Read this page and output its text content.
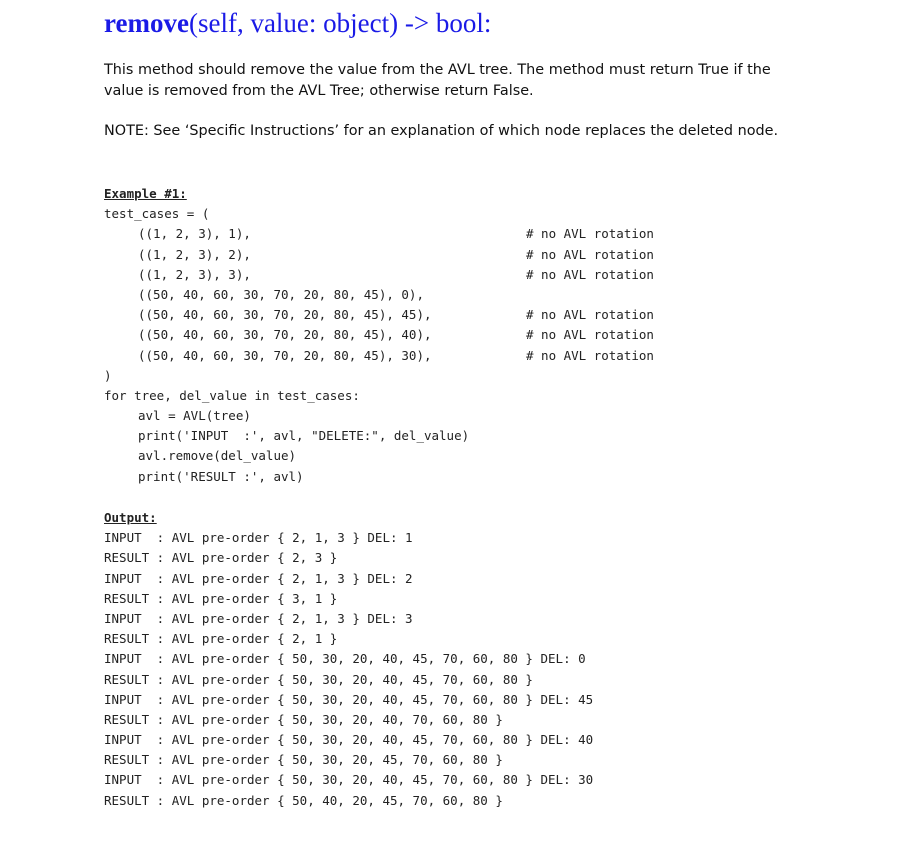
remove(self, value: object) -> bool:

This method should remove the value from the AVL tree. The method must return True if the value is removed from the AVL Tree; otherwise return False.

NOTE: See ‘Specific Instructions’ for an explanation of which node replaces the deleted node.

Example #1:
test_cases = (
((1, 2, 3), 1),	# no AVL rotation
((1, 2, 3), 2),	# no AVL rotation
((1, 2, 3), 3),	# no AVL rotation
((50, 40, 60, 30, 70, 20, 80, 45), 0),
((50, 40, 60, 30, 70, 20, 80, 45), 45),	# no AVL rotation
((50, 40, 60, 30, 70, 20, 80, 45), 40),	# no AVL rotation
((50, 40, 60, 30, 70, 20, 80, 45), 30),	# no AVL rotation
)
for tree, del_value in test_cases:
avl = AVL(tree)
print('INPUT  :', avl, "DELETE:", del_value)
avl.remove(del_value)
print('RESULT :', avl)
Output:
INPUT  : AVL pre-order { 2, 1, 3 } DEL: 1
RESULT : AVL pre-order { 2, 3 }
INPUT  : AVL pre-order { 2, 1, 3 } DEL: 2
RESULT : AVL pre-order { 3, 1 }
INPUT  : AVL pre-order { 2, 1, 3 } DEL: 3
RESULT : AVL pre-order { 2, 1 }
INPUT  : AVL pre-order { 50, 30, 20, 40, 45, 70, 60, 80 } DEL: 0
RESULT : AVL pre-order { 50, 30, 20, 40, 45, 70, 60, 80 }
INPUT  : AVL pre-order { 50, 30, 20, 40, 45, 70, 60, 80 } DEL: 45
RESULT : AVL pre-order { 50, 30, 20, 40, 70, 60, 80 }
INPUT  : AVL pre-order { 50, 30, 20, 40, 45, 70, 60, 80 } DEL: 40
RESULT : AVL pre-order { 50, 30, 20, 45, 70, 60, 80 }
INPUT  : AVL pre-order { 50, 30, 20, 40, 45, 70, 60, 80 } DEL: 30
RESULT : AVL pre-order { 50, 40, 20, 45, 70, 60, 80 }
